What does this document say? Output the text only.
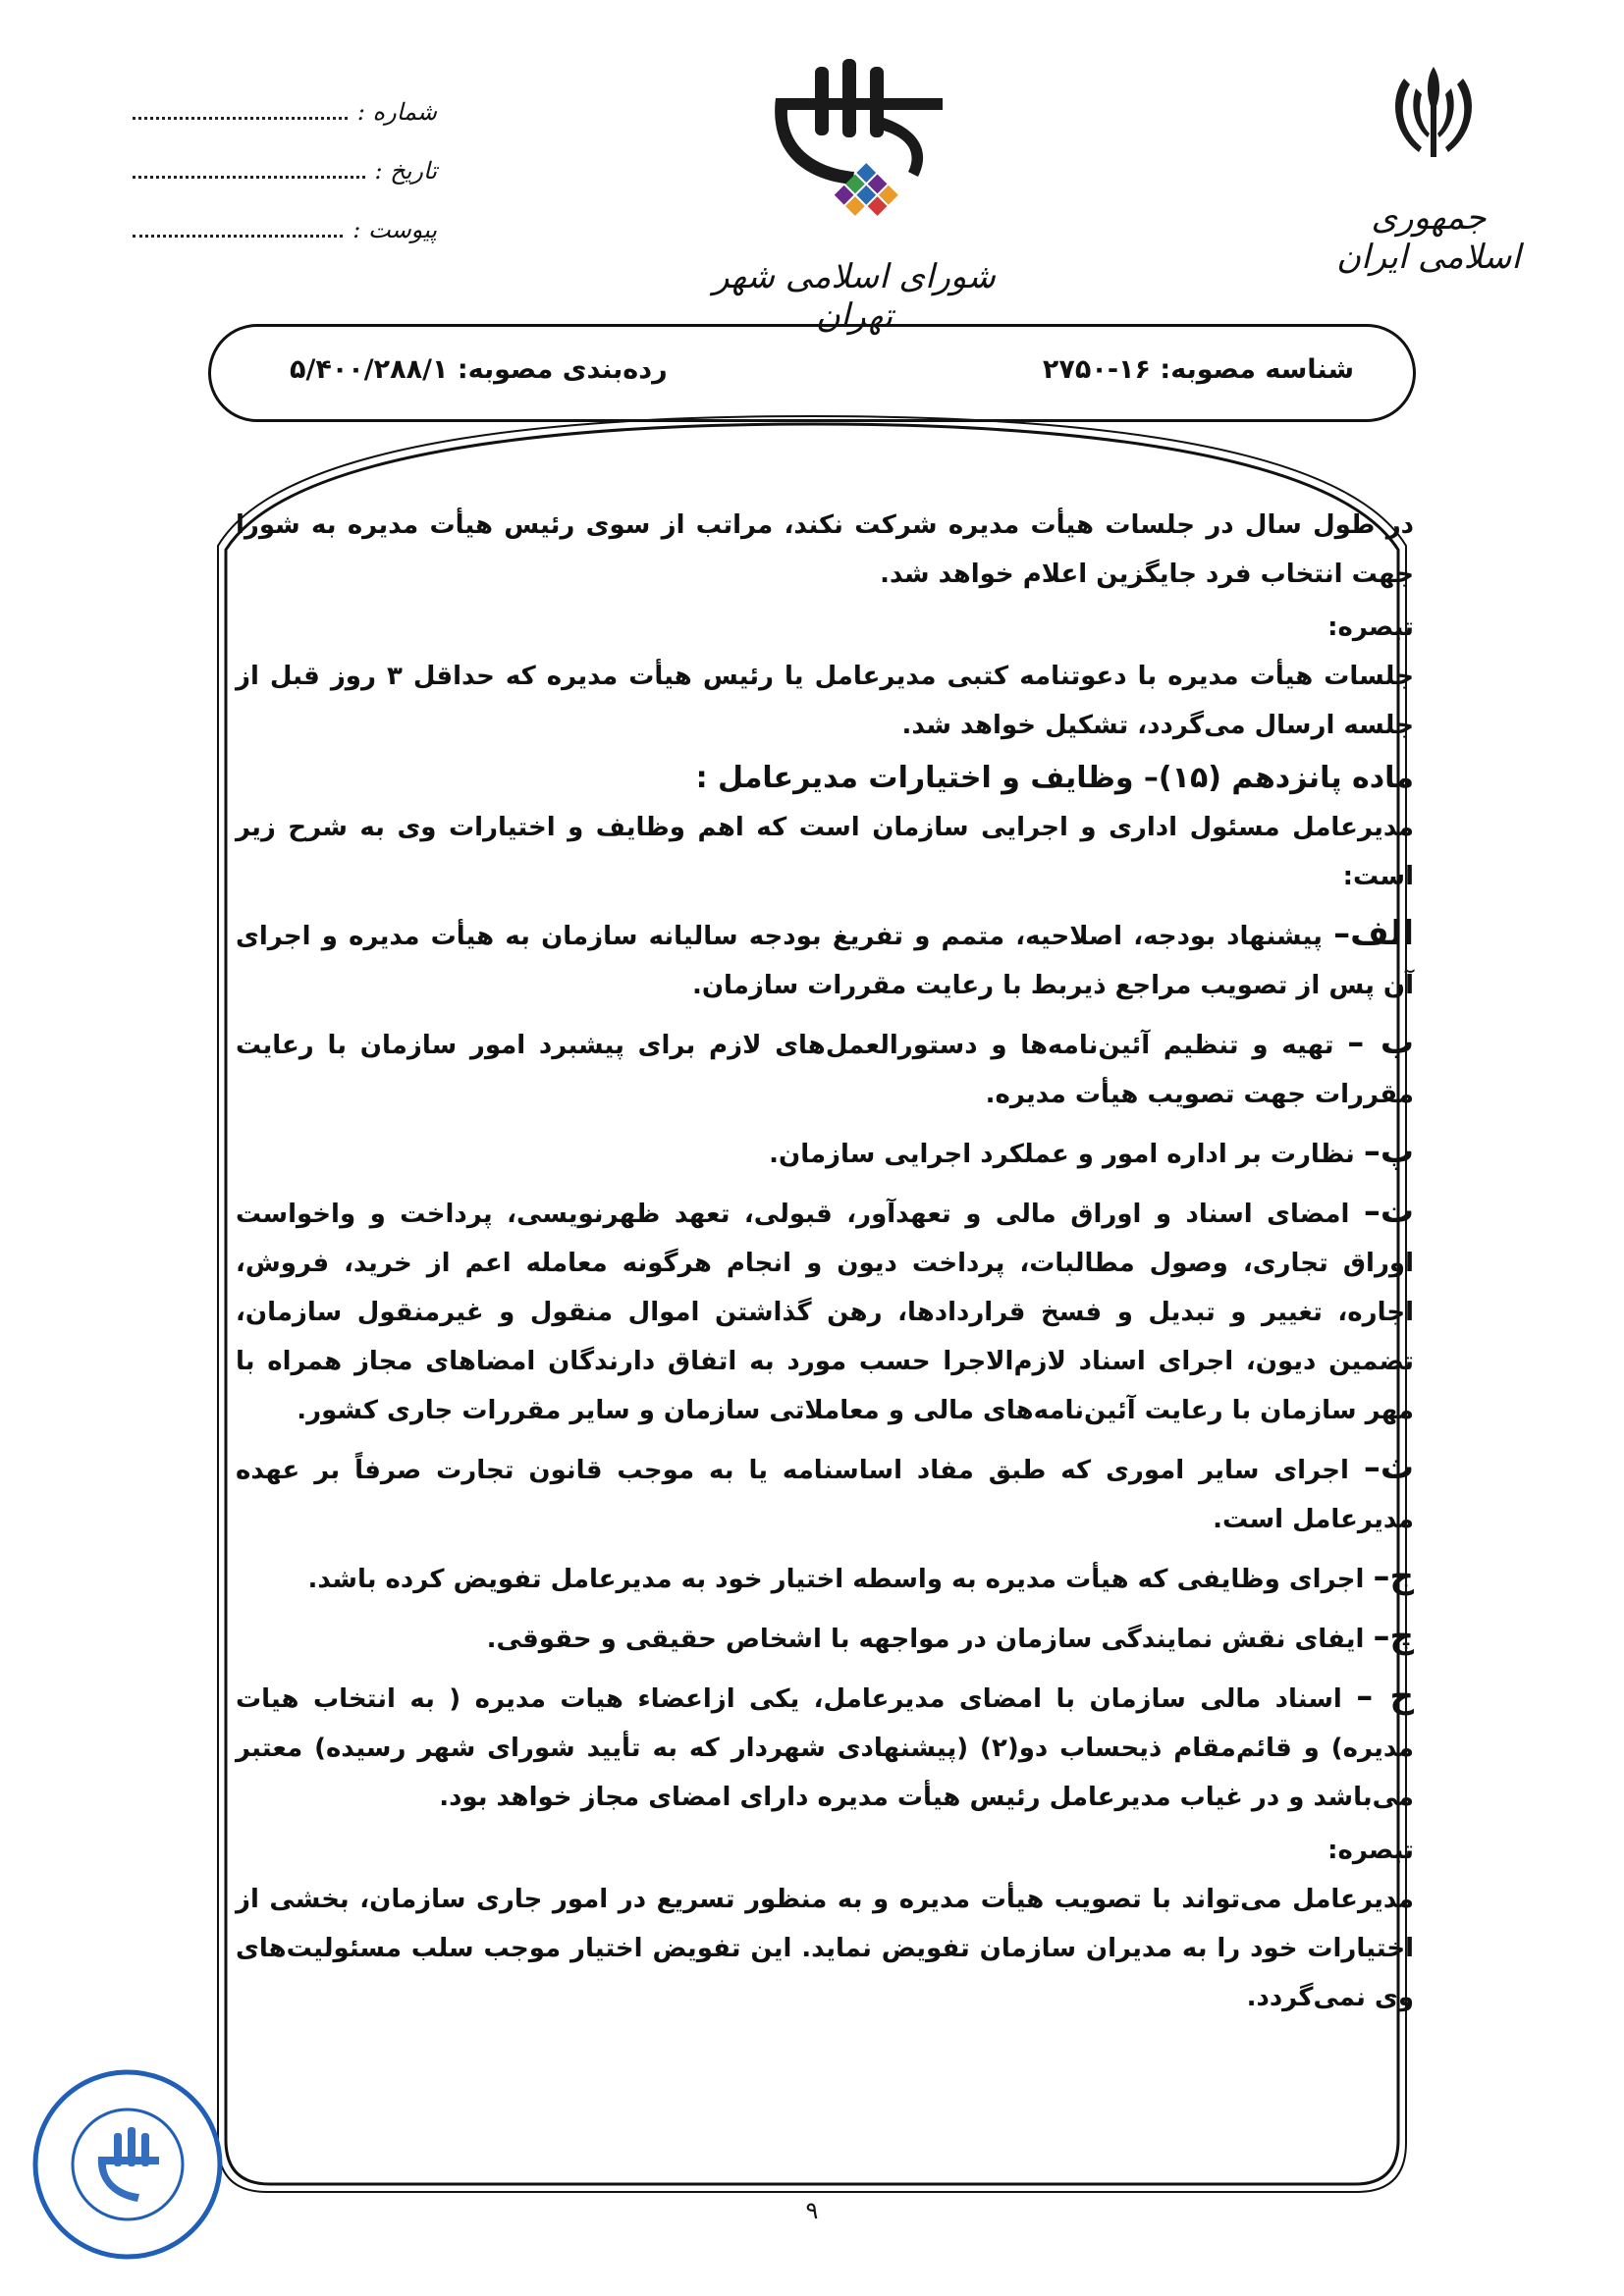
جمهوری اسلامی ایران
شورای اسلامی شهر تهران
شماره :
تاریخ :
پیوست :
شناسه مصوبه: ۱۶-۲۷۵۰
رده‌بندی مصوبه: ۵/۴۰۰/۲۸۸/۱

در طول سال در جلسات هیأت مدیره شرکت نکند، مراتب از سوی رئیس هیأت مدیره به شورا جهت انتخاب فرد جایگزین اعلام خواهد شد.

تبصره:

جلسات هیأت مدیره با دعوتنامه کتبی مدیرعامل یا رئیس هیأت مدیره که حداقل ۳ روز قبل از جلسه ارسال می‌گردد، تشکیل خواهد شد.

ماده پانزدهم (۱۵)– وظایف و اختیارات مدیرعامل :

مدیرعامل مسئول اداری و اجرایی سازمان است که اهم وظایف و اختیارات وی به شرح زیر است:

الف– پیشنهاد بودجه، اصلاحیه، متمم و تفریغ بودجه سالیانه سازمان به هیأت مدیره و اجرای آن پس از تصویب مراجع ذیربط با رعایت مقررات سازمان.

ب – تهیه و تنظیم آئین‌نامه‌ها و دستورالعمل‌های لازم برای پیشبرد امور سازمان با رعایت مقررات جهت تصویب هیأت مدیره.

پ– نظارت بر اداره امور و عملکرد اجرایی سازمان.

ت– امضای اسناد و اوراق مالی و تعهدآور، قبولی، تعهد ظهرنویسی، پرداخت و واخواست اوراق تجاری، وصول مطالبات، پرداخت دیون و انجام هرگونه معامله اعم از خرید، فروش، اجاره، تغییر و تبدیل و فسخ قراردادها، رهن گذاشتن اموال منقول و غیرمنقول سازمان، تضمین دیون، اجرای اسناد لازم‌الاجرا حسب مورد به اتفاق دارندگان امضاهای مجاز همراه با مهر سازمان با رعایت آئین‌نامه‌های مالی و معاملاتی سازمان و سایر مقررات جاری کشور.

ث– اجرای سایر اموری که طبق مفاد اساسنامه یا به موجب قانون تجارت صرفاً بر عهده مدیرعامل است.

ج– اجرای وظایفی که هیأت مدیره به واسطه اختیار خود به مدیرعامل تفویض کرده باشد.

چ– ایفای نقش نمایندگی سازمان در مواجهه با اشخاص حقیقی و حقوقی.

ح – اسناد مالی سازمان با امضای مدیرعامل، یکی ازاعضاء هیات مدیره ( به انتخاب هیات مدیره) و قائم‌مقام ذیحساب دو(۲) (پیشنهادی شهردار که به تأیید شورای شهر رسیده) معتبر می‌باشد و در غیاب مدیرعامل رئیس هیأت مدیره دارای امضای مجاز خواهد بود.

تبصره:

مدیرعامل می‌تواند با تصویب هیأت مدیره و به منظور تسریع در امور جاری سازمان، بخشی از اختیارات خود را به مدیران سازمان تفویض نماید. این تفویض اختیار موجب سلب مسئولیت‌های وی نمی‌گردد.

۹
